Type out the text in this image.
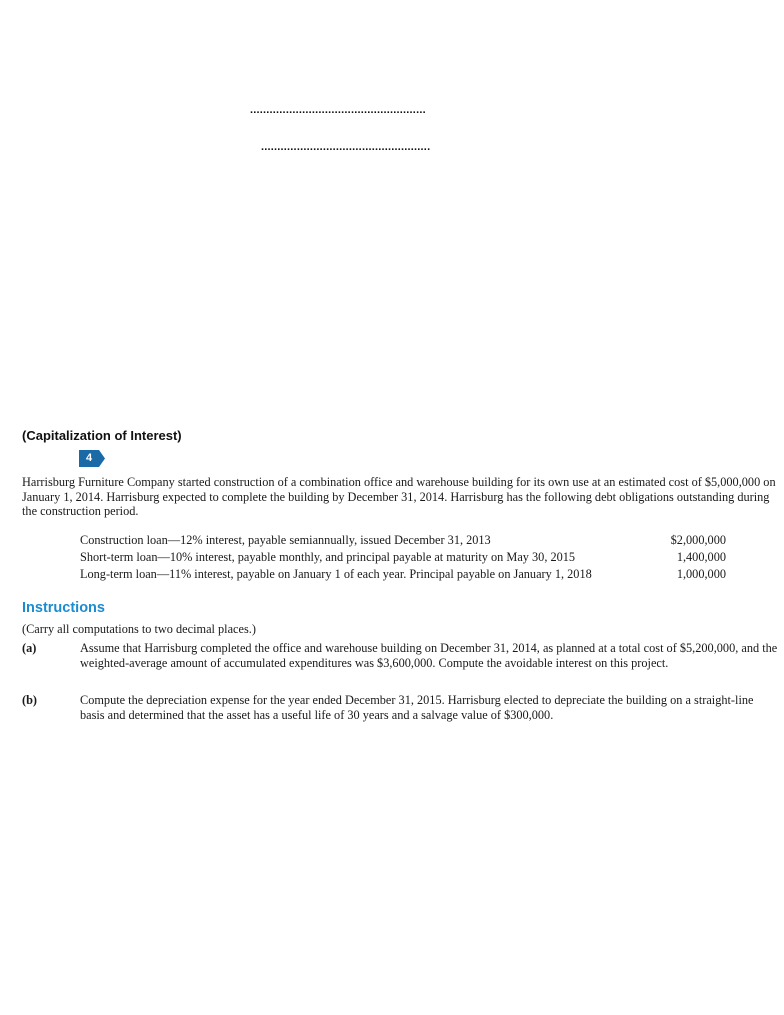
......................................................
....................................................
(Capitalization of Interest)
4
Harrisburg Furniture Company started construction of a combination office and warehouse building for its own use at an estimated cost of $5,000,000 on January 1, 2014. Harrisburg expected to complete the building by December 31, 2014. Harrisburg has the following debt obligations outstanding during the construction period.
Construction loan—12% interest, payable semiannually, issued December 31, 2013	$2,000,000
Short-term loan—10% interest, payable monthly, and principal payable at maturity on May 30, 2015	1,400,000
Long-term loan—11% interest, payable on January 1 of each year. Principal payable on January 1, 2018	1,000,000
Instructions
(Carry all computations to two decimal places.)
(a)	Assume that Harrisburg completed the office and warehouse building on December 31, 2014, as planned at a total cost of $5,200,000, and the weighted-average amount of accumulated expenditures was $3,600,000. Compute the avoidable interest on this project.
(b)	Compute the depreciation expense for the year ended December 31, 2015. Harrisburg elected to depreciate the building on a straight-line basis and determined that the asset has a useful life of 30 years and a salvage value of $300,000.
